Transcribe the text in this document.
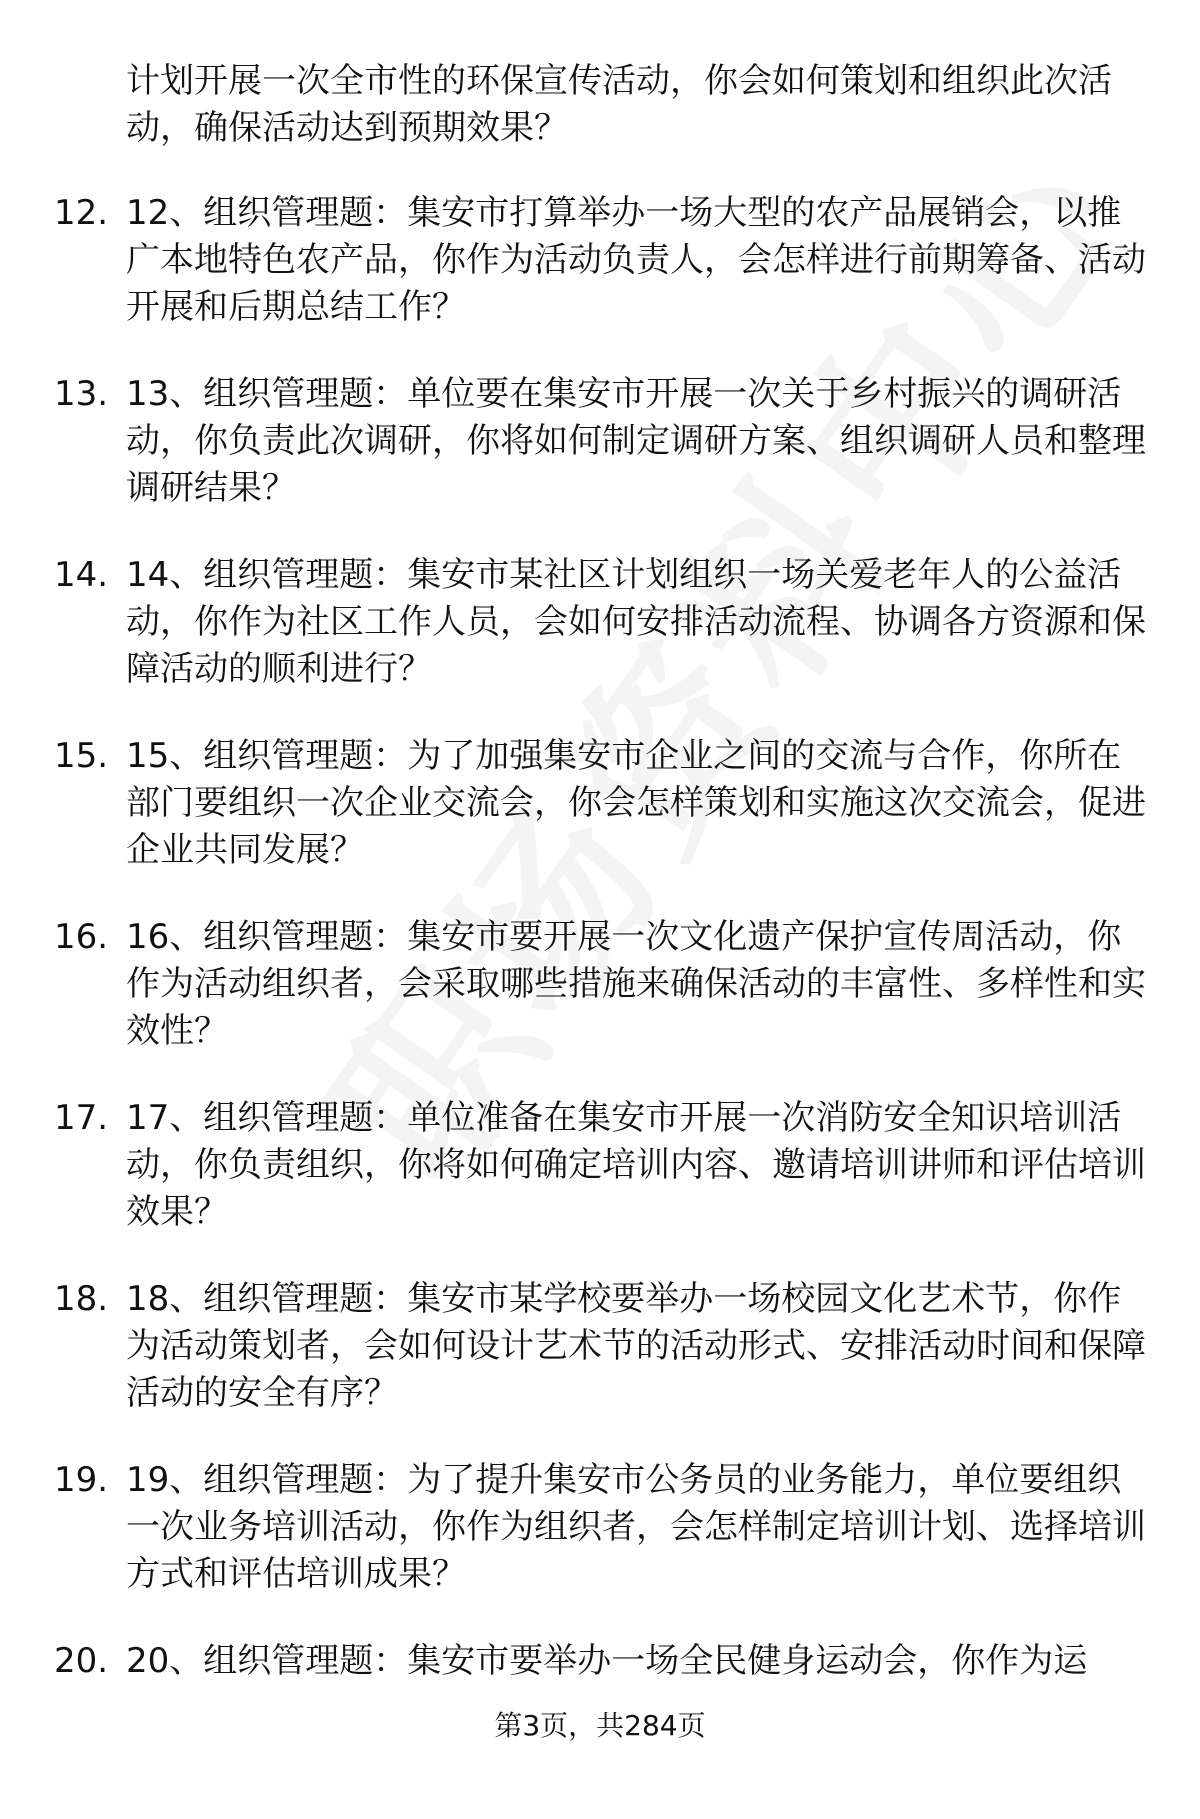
计划开展一次全市性的环保宣传活动，你会如何策划和组织此次活动，确保活动达到预期效果？
12. 12、组织管理题：集安市打算举办一场大型的农产品展销会，以推广本地特色农产品，你作为活动负责人，会怎样进行前期筹备、活动开展和后期总结工作？
13. 13、组织管理题：单位要在集安市开展一次关于乡村振兴的调研活动，你负责此次调研，你将如何制定调研方案、组织调研人员和整理调研结果？
14. 14、组织管理题：集安市某社区计划组织一场关爱老年人的公益活动，你作为社区工作人员，会如何安排活动流程、协调各方资源和保障活动的顺利进行？
15. 15、组织管理题：为了加强集安市企业之间的交流与合作，你所在部门要组织一次企业交流会，你会怎样策划和实施这次交流会，促进企业共同发展？
16. 16、组织管理题：集安市要开展一次文化遗产保护宣传周活动，你作为活动组织者，会采取哪些措施来确保活动的丰富性、多样性和实效性？
17. 17、组织管理题：单位准备在集安市开展一次消防安全知识培训活动，你负责组织，你将如何确定培训内容、邀请培训讲师和评估培训效果？
18. 18、组织管理题：集安市某学校要举办一场校园文化艺术节，你作为活动策划者，会如何设计艺术节的活动形式、安排活动时间和保障活动的安全有序？
19. 19、组织管理题：为了提升集安市公务员的业务能力，单位要组织一次业务培训活动，你作为组织者，会怎样制定培训计划、选择培训方式和评估培训成果？
20. 20、组织管理题：集安市要举办一场全民健身运动会，你作为运
第3页，共284页
